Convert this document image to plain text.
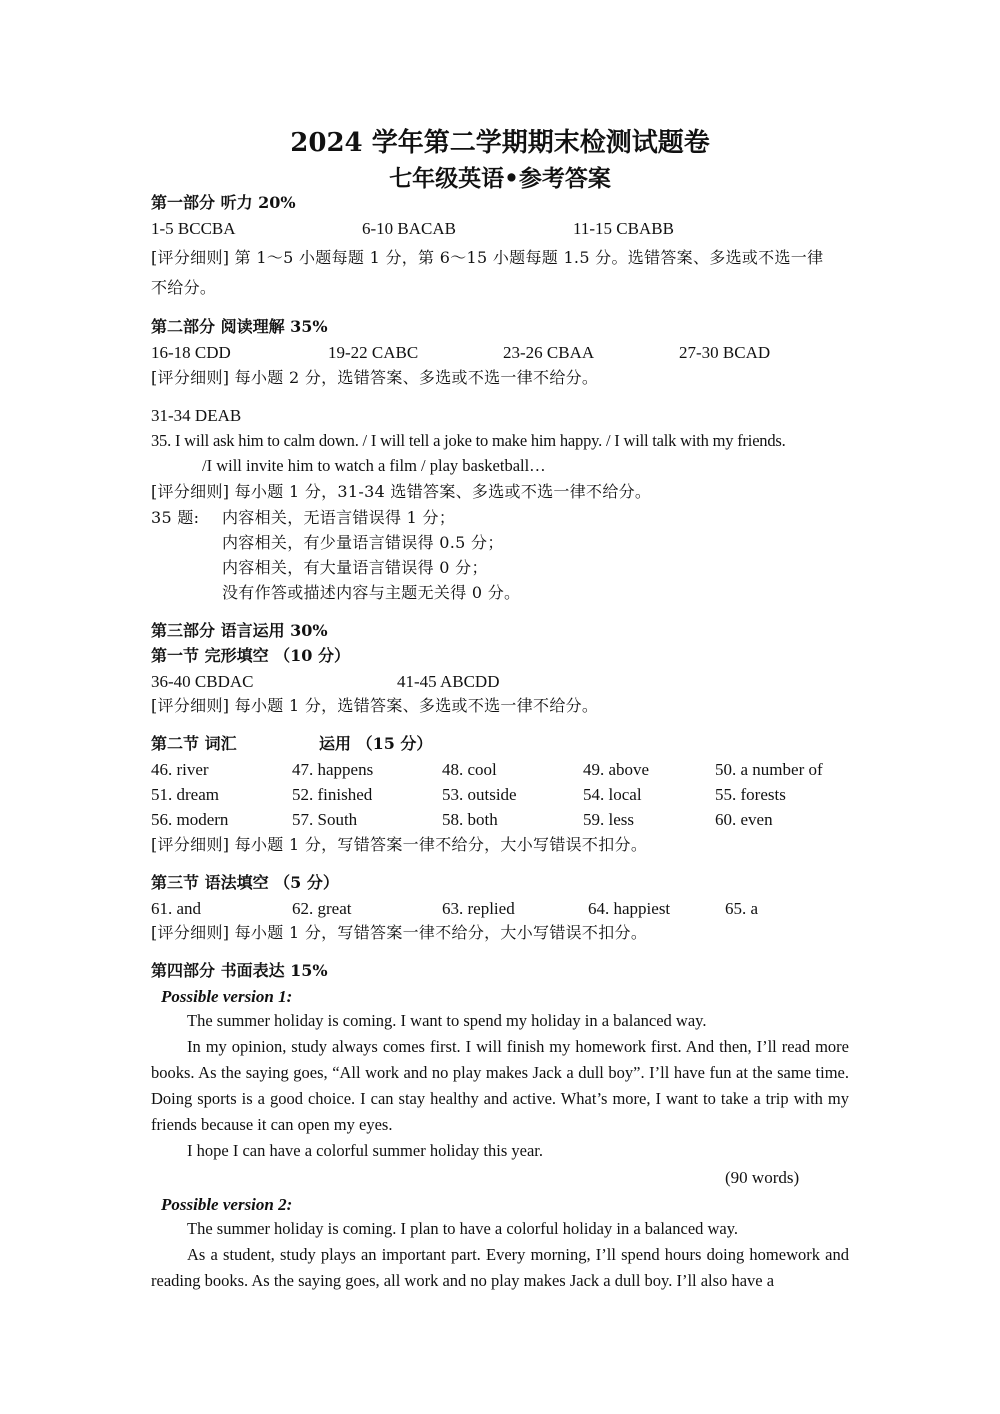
2024 学年第二学期期末检测试题卷
七年级英语•参考答案
第一部分 听力 20%
1-5 BCCBA	6-10 BACAB	11-15 CBABB
[评分细则] 第 1～5 小题每题 1 分，第 6～15 小题每题 1.5 分。选错答案、多选或不选一律
不给分。
第二部分 阅读理解 35%
16-18 CDD	19-22 CABC	23-26 CBAA	27-30 BCAD
[评分细则] 每小题 2 分，选错答案、多选或不选一律不给分。
31-34 DEAB
35. I will ask him to calm down. / I will tell a joke to make him happy. / I will talk with my friends.
/I will invite him to watch a film / play basketball…
[评分细则] 每小题 1 分，31-34 选错答案、多选或不选一律不给分。
35 题: 内容相关，无语言错误得 1 分；
内容相关，有少量语言错误得 0.5 分；
内容相关，有大量语言错误得 0 分；
没有作答或描述内容与主题无关得 0 分。
第三部分 语言运用 30%
第一节 完形填空 （10 分）
36-40 CBDAC	41-45 ABCDD
[评分细则] 每小题 1 分，选错答案、多选或不选一律不给分。
第二节 词汇	运用 （15 分）
46. river	47. happens	48. cool	49. above	50. a number of
51. dream	52. finished	53. outside	54. local	55. forests
56. modern	57. South	58. both	59. less	60. even
[评分细则] 每小题 1 分，写错答案一律不给分，大小写错误不扣分。
第三节 语法填空 （5 分）
61. and	62. great	63. replied	64. happiest	65. a
[评分细则] 每小题 1 分，写错答案一律不给分，大小写错误不扣分。
第四部分 书面表达 15%
Possible version 1:

The summer holiday is coming. I want to spend my holiday in a balanced way.

In my opinion, study always comes first. I will finish my homework first. And then, I’ll read more books. As the saying goes, “All work and no play makes Jack a dull boy”. I’ll have fun at the same time. Doing sports is a good choice. I can stay healthy and active. What’s more, I want to take a trip with my friends because it can open my eyes.

I hope I can have a colorful summer holiday this year.

(90 words)
Possible version 2:

The summer holiday is coming. I plan to have a colorful holiday in a balanced way.

As a student, study plays an important part. Every morning, I’ll spend hours doing homework and reading books. As the saying goes, all work and no play makes Jack a dull boy. I’ll also have a
